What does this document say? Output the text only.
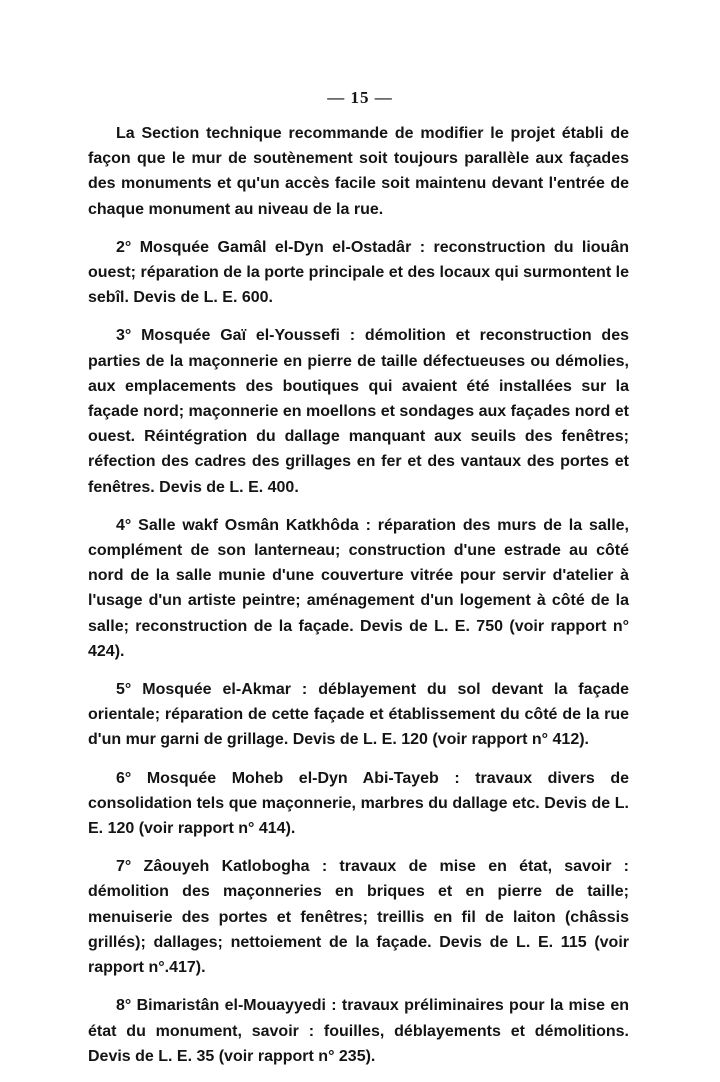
— 15 —

La Section technique recommande de modifier le projet établi de façon que le mur de soutènement soit toujours parallèle aux façades des monuments et qu'un accès facile soit maintenu devant l'entrée de chaque monument au niveau de la rue.

2° Mosquée Gamâl el-Dyn el-Ostadâr : reconstruction du liouân ouest; réparation de la porte principale et des locaux qui surmontent le sebîl. Devis de L. E. 600.

3° Mosquée Gaï el-Youssefi : démolition et reconstruction des parties de la maçonnerie en pierre de taille défectueuses ou démolies, aux emplacements des boutiques qui avaient été installées sur la façade nord; maçonnerie en moellons et sondages aux façades nord et ouest. Réintégration du dallage manquant aux seuils des fenêtres; réfection des cadres des grillages en fer et des vantaux des portes et fenêtres. Devis de L. E. 400.

4° Salle wakf Osmân Katkhôda : réparation des murs de la salle, complément de son lanterneau; construction d'une estrade au côté nord de la salle munie d'une couverture vitrée pour servir d'atelier à l'usage d'un artiste peintre; aménagement d'un logement à côté de la salle; reconstruction de la façade. Devis de L. E. 750 (voir rapport n° 424).

5° Mosquée el-Akmar : déblayement du sol devant la façade orientale; réparation de cette façade et établissement du côté de la rue d'un mur garni de grillage. Devis de L. E. 120 (voir rapport n° 412).

6° Mosquée Moheb el-Dyn Abi-Tayeb : travaux divers de consolidation tels que maçonnerie, marbres du dallage etc. Devis de L. E. 120 (voir rapport n° 414).

7° Zâouyeh Katlobogha : travaux de mise en état, savoir : démolition des maçonneries en briques et en pierre de taille; menuiserie des portes et fenêtres; treillis en fil de laiton (châssis grillés); dallages; nettoiement de la façade. Devis de L. E. 115 (voir rapport n°.417).

8° Bimaristân el-Mouayyedi : travaux préliminaires pour la mise en état du monument, savoir : fouilles, déblayements et démolitions. Devis de L. E. 35 (voir rapport n° 235).
